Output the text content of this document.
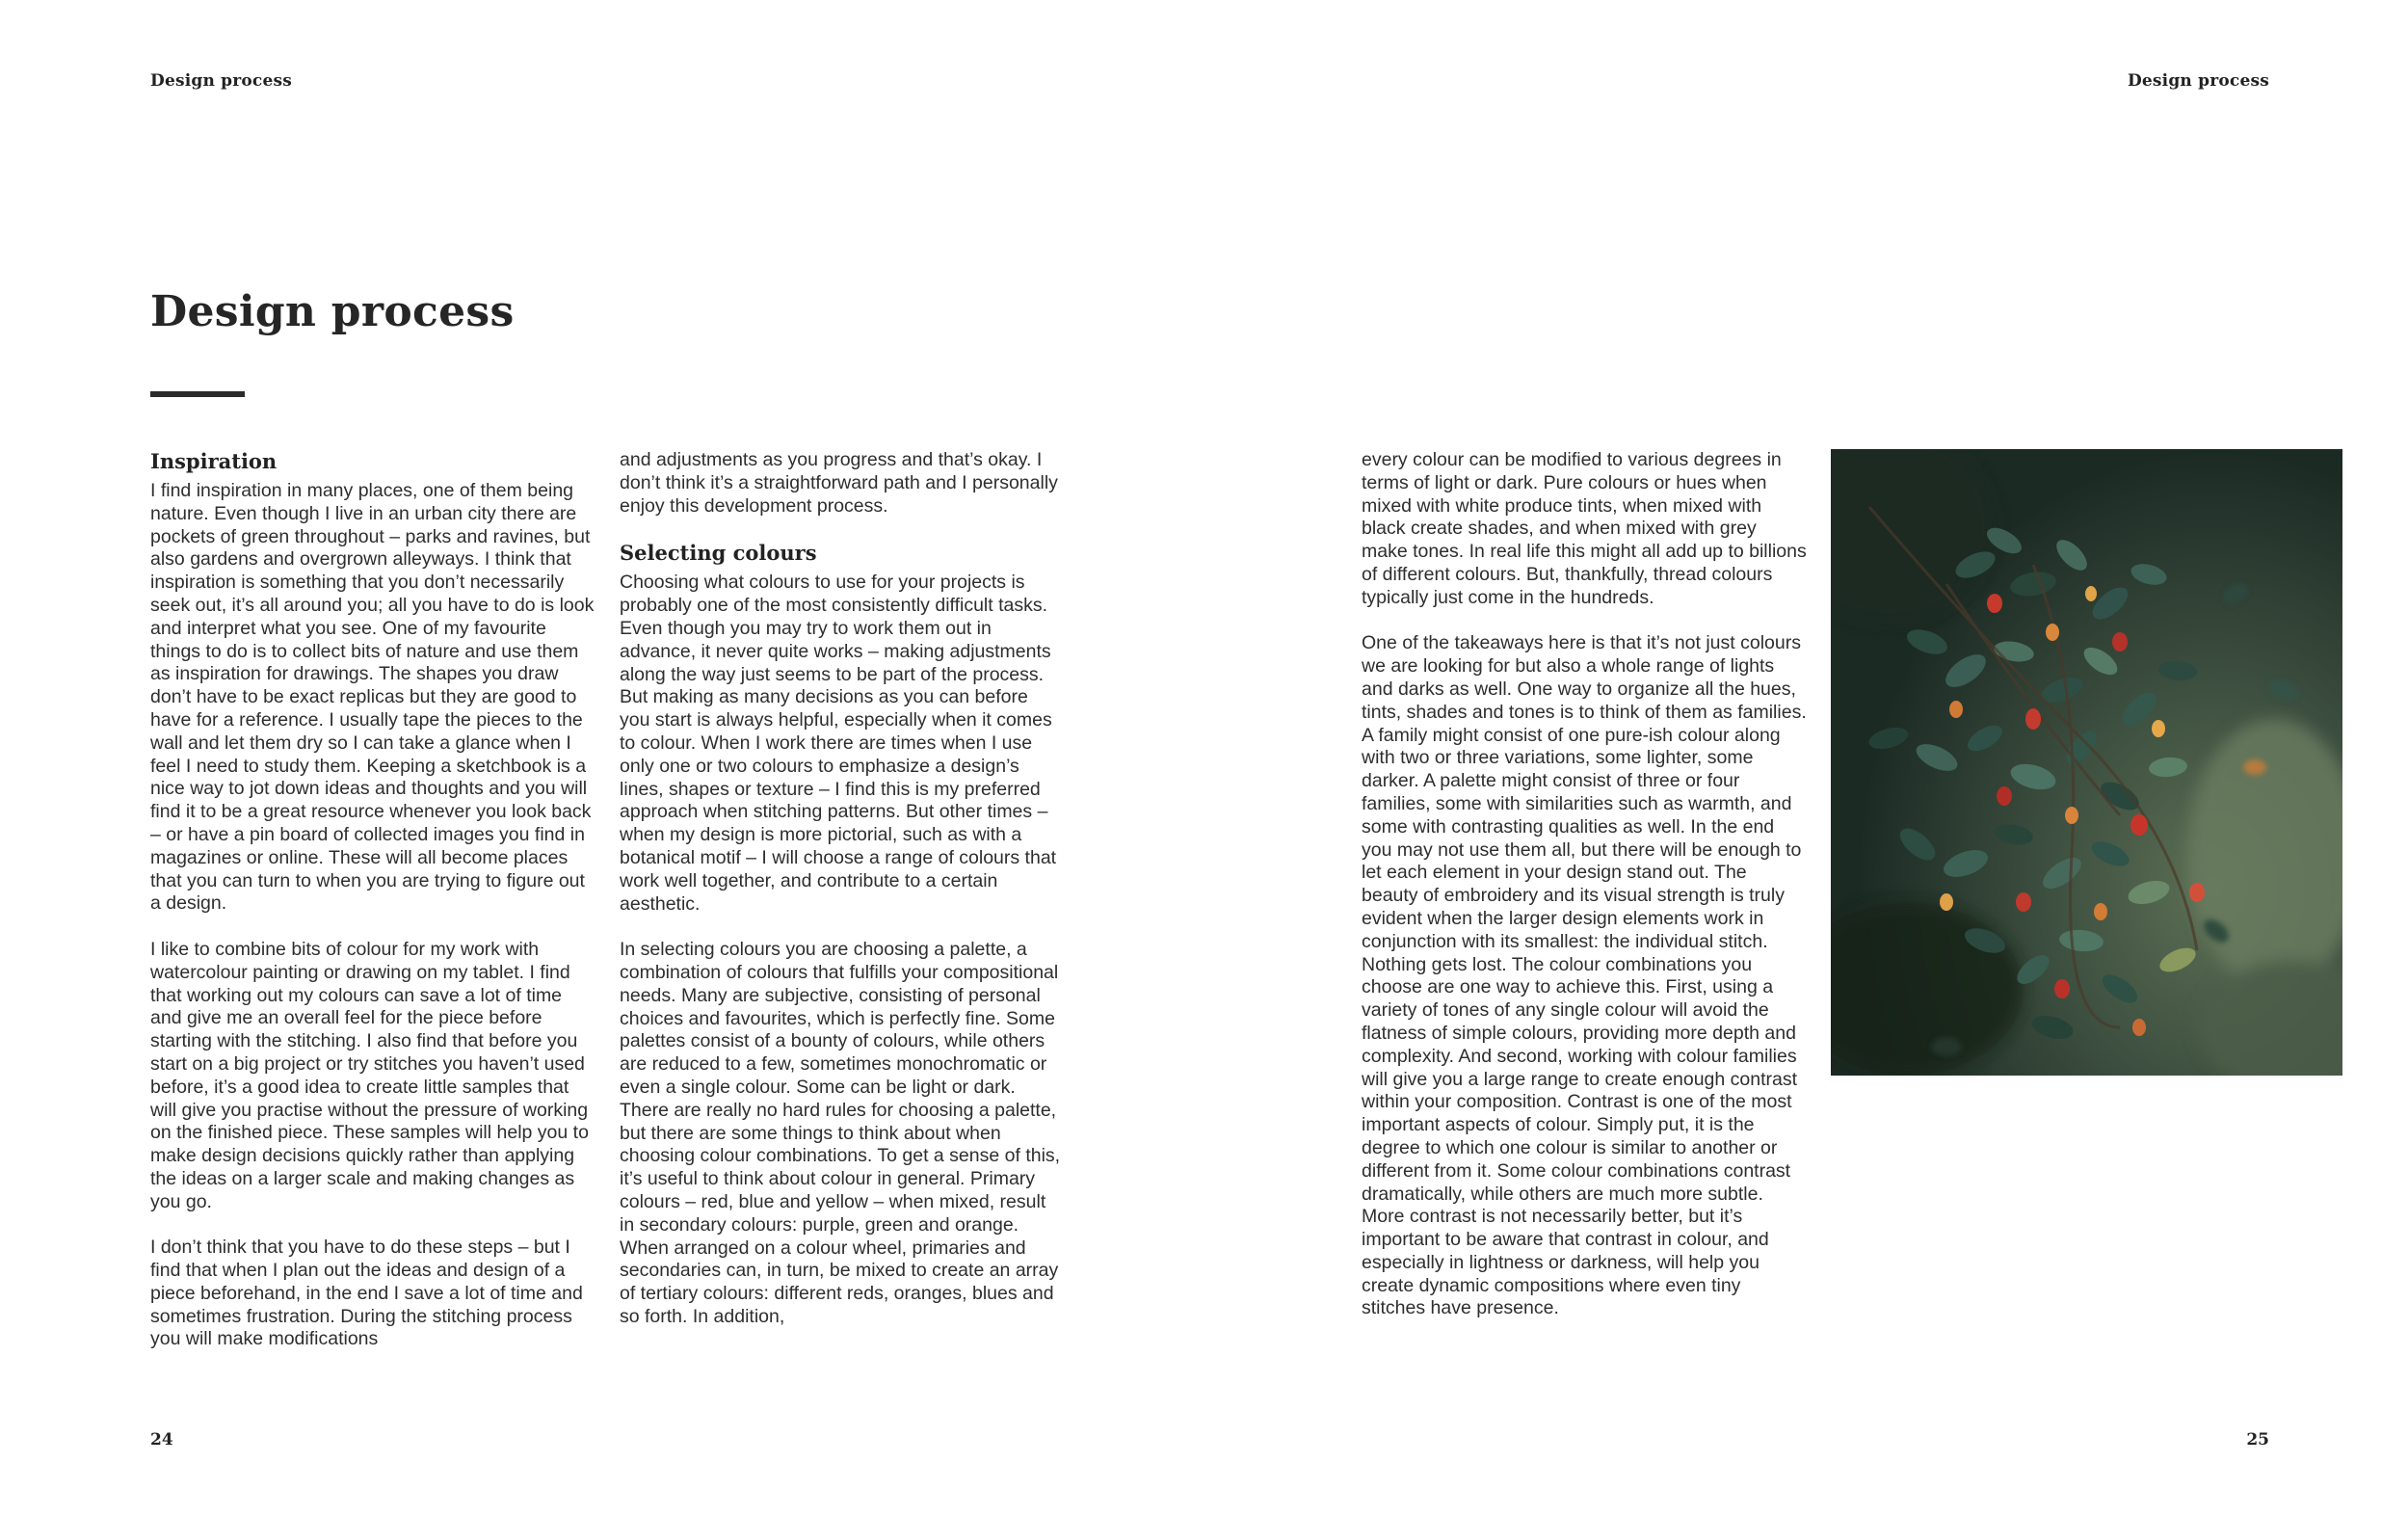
Design process	Design process
Design process
Inspiration

I find inspiration in many places, one of them being nature. Even though I live in an urban city there are pockets of green throughout – parks and ravines, but also gardens and overgrown alleyways. I think that inspiration is something that you don’t necessarily seek out, it’s all around you; all you have to do is look and interpret what you see. One of my favourite things to do is to collect bits of nature and use them as inspiration for drawings. The shapes you draw don’t have to be exact replicas but they are good to have for a reference. I usually tape the pieces to the wall and let them dry so I can take a glance when I feel I need to study them. Keeping a sketchbook is a nice way to jot down ideas and thoughts and you will find it to be a great resource whenever you look back – or have a pin board of collected images you find in magazines or online. These will all become places that you can turn to when you are trying to figure out a design.

I like to combine bits of colour for my work with watercolour painting or drawing on my tablet. I find that working out my colours can save a lot of time and give me an overall feel for the piece before starting with the stitching. I also find that before you start on a big project or try stitches you haven’t used before, it’s a good idea to create little samples that will give you practise without the pressure of working on the finished piece. These samples will help you to make design decisions quickly rather than applying the ideas on a larger scale and making changes as you go.

I don’t think that you have to do these steps – but I find that when I plan out the ideas and design of a piece beforehand, in the end I save a lot of time and sometimes frustration. During the stitching process you will make modifications

and adjustments as you progress and that’s okay. I don’t think it’s a straightforward path and I personally enjoy this development process.

Selecting colours

Choosing what colours to use for your projects is probably one of the most consistently difficult tasks. Even though you may try to work them out in advance, it never quite works – making adjustments along the way just seems to be part of the process. But making as many decisions as you can before you start is always helpful, especially when it comes to colour. When I work there are times when I use only one or two colours to emphasize a design’s lines, shapes or texture – I find this is my preferred approach when stitching patterns. But other times – when my design is more pictorial, such as with a botanical motif – I will choose a range of colours that work well together, and contribute to a certain aesthetic.

In selecting colours you are choosing a palette, a combination of colours that fulfills your compositional needs. Many are subjective, consisting of personal choices and favourites, which is perfectly fine. Some palettes consist of a bounty of colours, while others are reduced to a few, sometimes monochromatic or even a single colour. Some can be light or dark. There are really no hard rules for choosing a palette, but there are some things to think about when choosing colour combinations. To get a sense of this, it’s useful to think about colour in general. Primary colours – red, blue and yellow – when mixed, result in secondary colours: purple, green and orange. When arranged on a colour wheel, primaries and secondaries can, in turn, be mixed to create an array of tertiary colours: different reds, oranges, blues and so forth. In addition,

every colour can be modified to various degrees in terms of light or dark. Pure colours or hues when mixed with white produce tints, when mixed with black create shades, and when mixed with grey make tones. In real life this might all add up to billions of different colours. But, thankfully, thread colours typically just come in the hundreds.

One of the takeaways here is that it’s not just colours we are looking for but also a whole range of lights and darks as well. One way to organize all the hues, tints, shades and tones is to think of them as families. A family might consist of one pure-ish colour along with two or three variations, some lighter, some darker. A palette might consist of three or four families, some with similarities such as warmth, and some with contrasting qualities as well. In the end you may not use them all, but there will be enough to let each element in your design stand out. The beauty of embroidery and its visual strength is truly evident when the larger design elements work in conjunction with its smallest: the individual stitch. Nothing gets lost. The colour combinations you choose are one way to achieve this. First, using a variety of tones of any single colour will avoid the flatness of simple colours, providing more depth and complexity. And second, working with colour families will give you a large range to create enough contrast within your composition. Contrast is one of the most important aspects of colour. Simply put, it is the degree to which one colour is similar to another or different from it. Some colour combinations contrast dramatically, while others are much more subtle. More contrast is not necessarily better, but it’s important to be aware that contrast in colour, and especially in lightness or darkness, will help you create dynamic compositions where even tiny stitches have presence.

24	25
